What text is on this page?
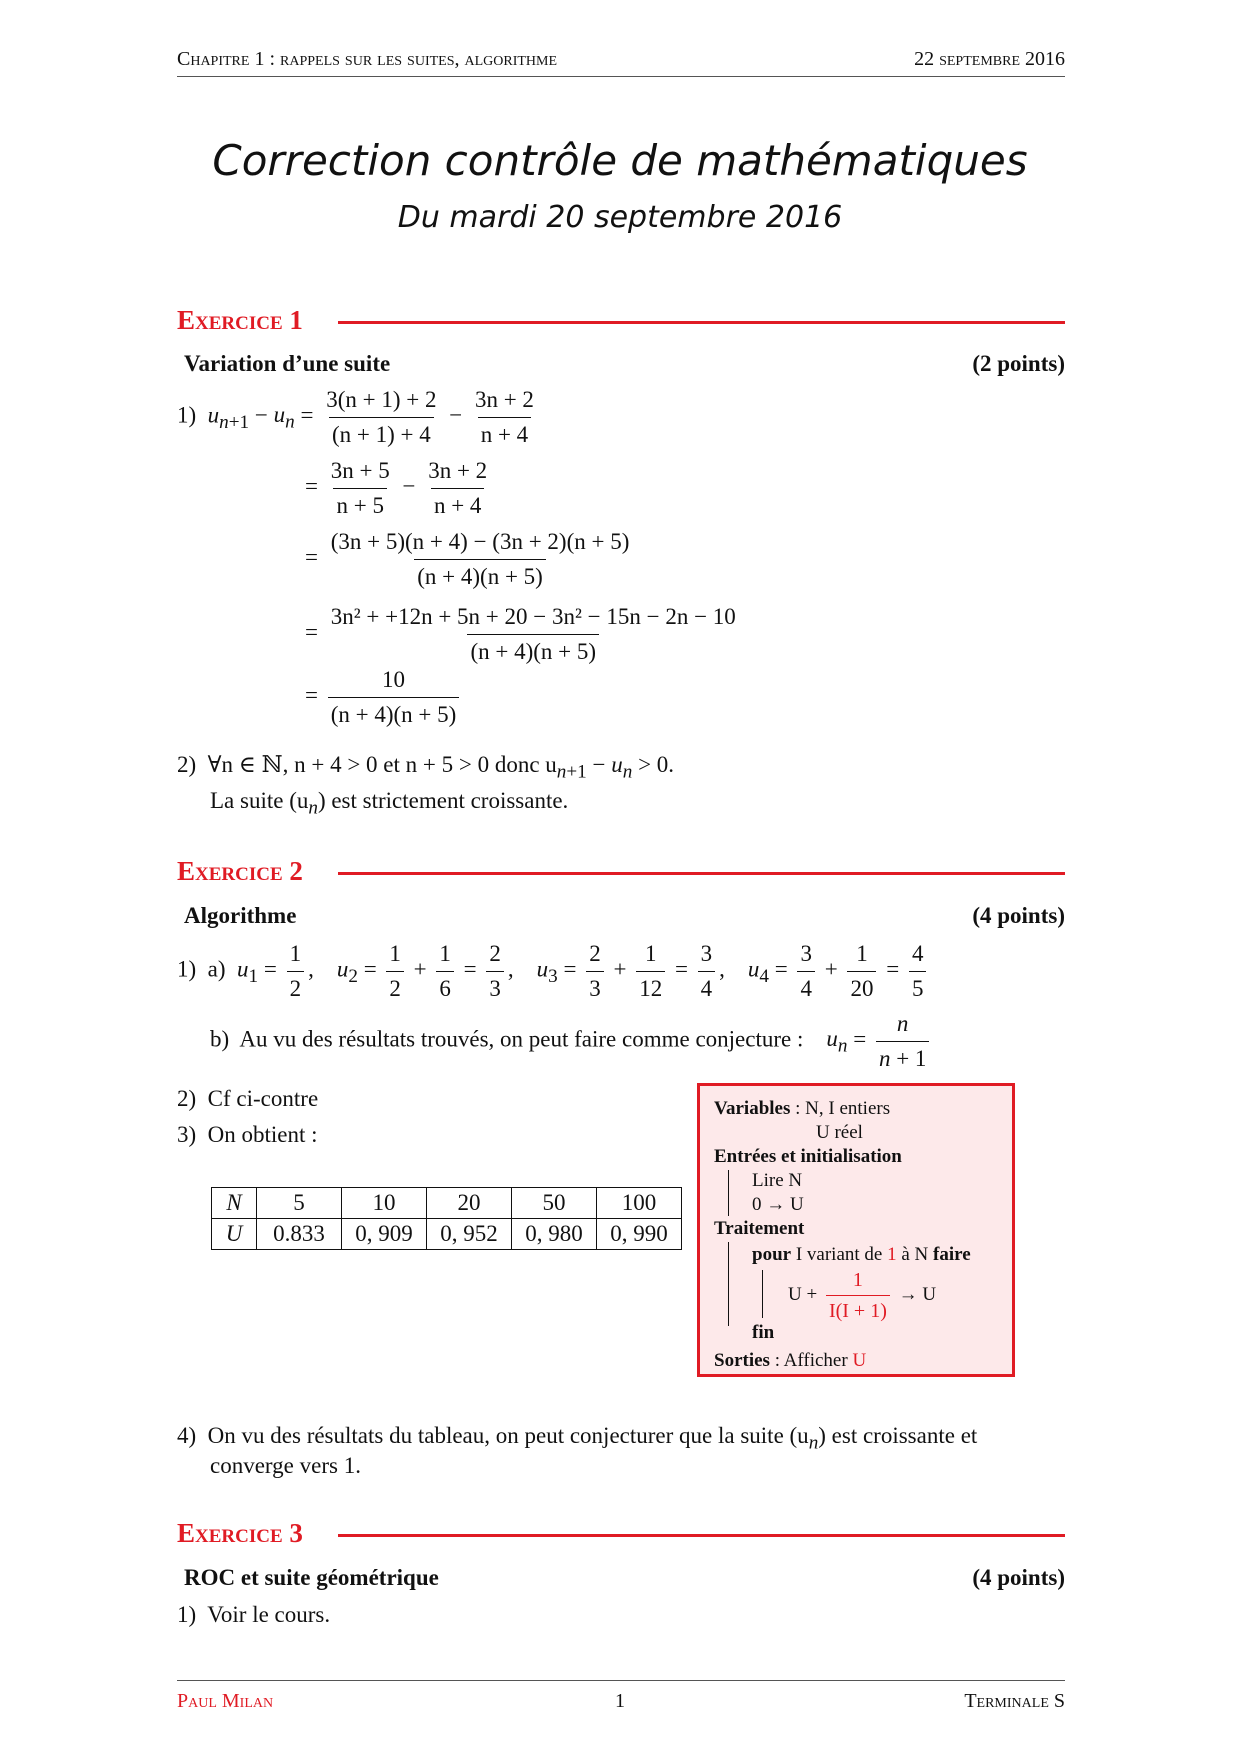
Chapitre 1 : rappels sur les suites, algorithme	22 septembre 2016
Correction contrôle de mathématiques
Du mardi 20 septembre 2016
Exercice 1
Variation d’une suite	(2 points)
1) $u_{n+1} - u_n = \frac{3(n + 1) + 2}{(n + 1) + 4} - \frac{3n + 2}{n + 4}$
= $\frac{3n + 5}{n + 5} - \frac{3n + 2}{n + 4}$
= $\frac{(3n + 5)(n + 4) - (3n + 2)(n + 5)}{(n + 4)(n + 5)}$
= $\frac{\text{3n² + +12n + 5n + 20 − 3n² − 15n − 2n − 10}}{(n + 4)(n + 5)}$
= $\frac{10}{(n + 4)(n + 5)}$
2) ∀n ∈ ℕ, n + 4 > 0 et n + 5 > 0 donc $u_{n+1} - u_n > 0$.
La suite $(u_n)$ est strictement croissante.
Exercice 2
Algorithme	(4 points)
1) a) $u_1 = \frac{1}{2}$ ,    $u_2 = \frac{1}{2} + \frac{1}{6} = \frac{2}{3}$ ,    $u_3 = \frac{2}{3} + \frac{1}{12} = \frac{3}{4}$ ,    $u_4 = \frac{3}{4} + \frac{1}{20} = \frac{4}{5}$
b) Au vu des résultats trouvés, on peut faire comme conjecture : $u_n = \frac{n}{n + 1}$
2) Cf ci-contre
3) On obtient :
N	5	10	20	50	100
U	0.833	0, 909	0, 952	0, 980	0, 990
Variables : N, I entiers
U réel
Entrées et initialisation
Lire N
0 → U
Traitement
pour I variant de 1 à N faire
$U + \frac{1}{I(I + 1)} \to U$
fin
Sorties : Afficher U
4) On vu des résultats du tableau, on peut conjecturer que la suite $(u_n)$ est croissante et
converge vers 1.
Exercice 3
ROC et suite géométrique	(4 points)
1) Voir le cours.
Paul Milan	1	Terminale S
